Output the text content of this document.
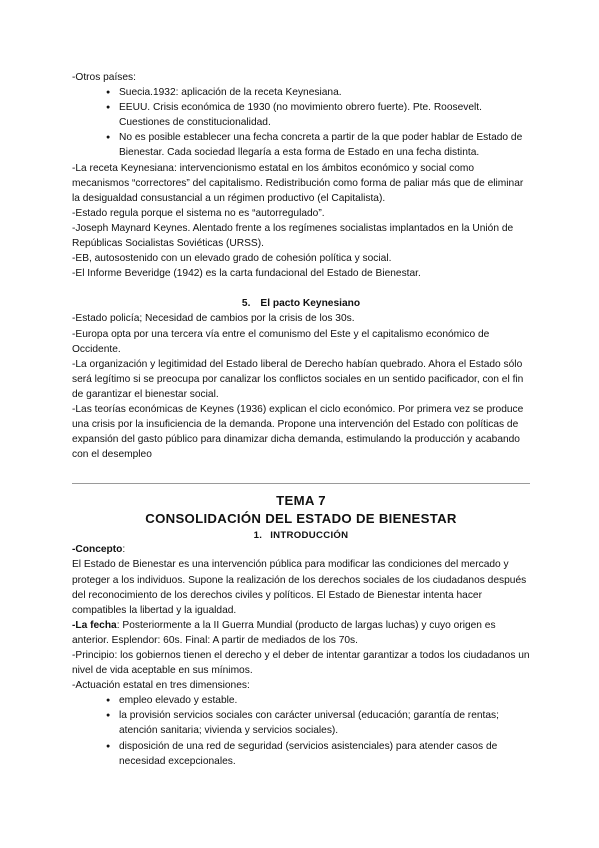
-Otros países:

● Suecia.1932: aplicación de la receta Keynesiana.
● EEUU. Crisis económica de 1930 (no movimiento obrero fuerte). Pte. Roosevelt. Cuestiones de constitucionalidad.
● No es posible establecer una fecha concreta a partir de la que poder hablar de Estado de Bienestar. Cada sociedad llegaría a esta forma de Estado en una fecha distinta.

-La receta Keynesiana: intervencionismo estatal en los ámbitos económico y social como mecanismos “correctores” del capitalismo. Redistribución como forma de paliar más que de eliminar la desigualdad consustancial a un régimen productivo (el Capitalista).

-Estado regula porque el sistema no es “autorregulado”.

-Joseph Maynard Keynes. Alentado frente a los regímenes socialistas implantados en la Unión de Repúblicas Socialistas Soviéticas (URSS).

-EB, autosostenido con un elevado grado de cohesión política y social.

-El Informe Beveridge (1942) es la carta fundacional del Estado de Bienestar.

5. El pacto Keynesiano

-Estado policía; Necesidad de cambios por la crisis de los 30s.

-Europa opta por una tercera vía entre el comunismo del Este y el capitalismo económico de Occidente.

-La organización y legitimidad del Estado liberal de Derecho habían quebrado. Ahora el Estado sólo será legítimo si se preocupa por canalizar los conflictos sociales en un sentido pacificador, con el fin de garantizar el bienestar social.

-Las teorías económicas de Keynes (1936) explican el ciclo económico. Por primera vez se produce una crisis por la insuficiencia de la demanda. Propone una intervención del Estado con políticas de expansión del gasto público para dinamizar dicha demanda, estimulando la producción y acabando con el desempleo

TEMA 7
CONSOLIDACIÓN DEL ESTADO DE BIENESTAR
1. INTRODUCCIÓN

-Concepto:

El Estado de Bienestar es una intervención pública para modificar las condiciones del mercado y proteger a los individuos. Supone la realización de los derechos sociales de los ciudadanos después del reconocimiento de los derechos civiles y políticos. El Estado de Bienestar intenta hacer compatibles la libertad y la igualdad.

-La fecha: Posteriormente a la II Guerra Mundial (producto de largas luchas) y cuyo origen es anterior. Esplendor: 60s. Final: A partir de mediados de los 70s.

-Principio: los gobiernos tienen el derecho y el deber de intentar garantizar a todos los ciudadanos un nivel de vida aceptable en sus mínimos.

-Actuación estatal en tres dimensiones:

● empleo elevado y estable.
● la provisión servicios sociales con carácter universal (educación; garantía de rentas; atención sanitaria; vivienda y servicios sociales).
● disposición de una red de seguridad (servicios asistenciales) para atender casos de necesidad excepcionales.
